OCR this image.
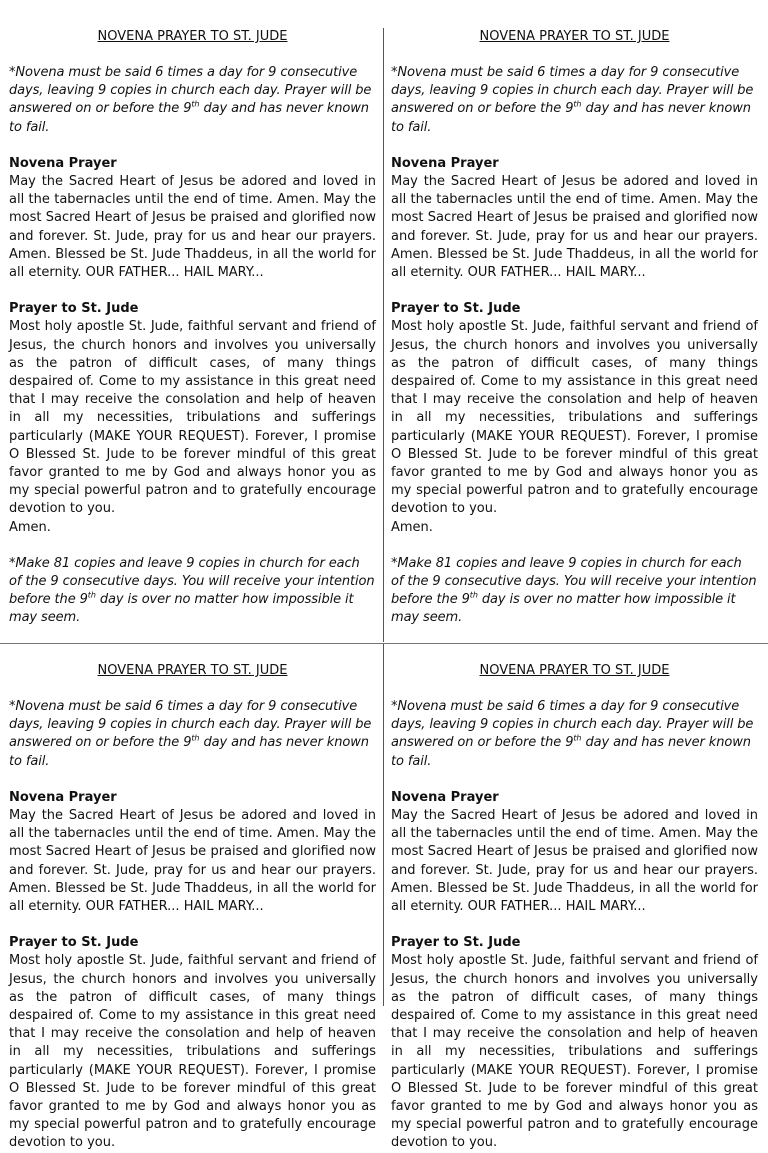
NOVENA PRAYER TO ST. JUDE

*Novena must be said 6 times a day for 9 consecutive days, leaving 9 copies in church each day. Prayer will be answered on or before the 9th day and has never known to fail.

Novena Prayer

May the Sacred Heart of Jesus be adored and loved in all the tabernacles until the end of time. Amen. May the most Sacred Heart of Jesus be praised and glorified now and forever. St. Jude, pray for us and hear our prayers. Amen. Blessed be St. Jude Thaddeus, in all the world for all eternity. OUR FATHER... HAIL MARY...

Prayer to St. Jude

Most holy apostle St. Jude, faithful servant and friend of Jesus, the church honors and involves you universally as the patron of difficult cases, of many things despaired of. Come to my assistance in this great need that I may receive the consolation and help of heaven in all my necessities, tribulations and sufferings particularly (MAKE YOUR REQUEST). Forever, I promise O Blessed St. Jude to be forever mindful of this great favor granted to me by God and always honor you as my special powerful patron and to gratefully encourage devotion to you.

Amen.

*Make 81 copies and leave 9 copies in church for each of the 9 consecutive days. You will receive your intention before the 9th day is over no matter how impossible it may seem.

NOVENA PRAYER TO ST. JUDE

*Novena must be said 6 times a day for 9 consecutive days, leaving 9 copies in church each day. Prayer will be answered on or before the 9th day and has never known to fail.

Novena Prayer

May the Sacred Heart of Jesus be adored and loved in all the tabernacles until the end of time. Amen. May the most Sacred Heart of Jesus be praised and glorified now and forever. St. Jude, pray for us and hear our prayers. Amen. Blessed be St. Jude Thaddeus, in all the world for all eternity. OUR FATHER... HAIL MARY...

Prayer to St. Jude

Most holy apostle St. Jude, faithful servant and friend of Jesus, the church honors and involves you universally as the patron of difficult cases, of many things despaired of. Come to my assistance in this great need that I may receive the consolation and help of heaven in all my necessities, tribulations and sufferings particularly (MAKE YOUR REQUEST). Forever, I promise O Blessed St. Jude to be forever mindful of this great favor granted to me by God and always honor you as my special powerful patron and to gratefully encourage devotion to you.

Amen.

*Make 81 copies and leave 9 copies in church for each of the 9 consecutive days. You will receive your intention before the 9th day is over no matter how impossible it may seem.

NOVENA PRAYER TO ST. JUDE

*Novena must be said 6 times a day for 9 consecutive days, leaving 9 copies in church each day. Prayer will be answered on or before the 9th day and has never known to fail.

Novena Prayer

May the Sacred Heart of Jesus be adored and loved in all the tabernacles until the end of time. Amen. May the most Sacred Heart of Jesus be praised and glorified now and forever. St. Jude, pray for us and hear our prayers. Amen. Blessed be St. Jude Thaddeus, in all the world for all eternity. OUR FATHER... HAIL MARY...

Prayer to St. Jude

Most holy apostle St. Jude, faithful servant and friend of Jesus, the church honors and involves you universally as the patron of difficult cases, of many things despaired of. Come to my assistance in this great need that I may receive the consolation and help of heaven in all my necessities, tribulations and sufferings particularly (MAKE YOUR REQUEST). Forever, I promise O Blessed St. Jude to be forever mindful of this great favor granted to me by God and always honor you as my special powerful patron and to gratefully encourage devotion to you.

NOVENA PRAYER TO ST. JUDE

*Novena must be said 6 times a day for 9 consecutive days, leaving 9 copies in church each day. Prayer will be answered on or before the 9th day and has never known to fail.

Novena Prayer

May the Sacred Heart of Jesus be adored and loved in all the tabernacles until the end of time. Amen. May the most Sacred Heart of Jesus be praised and glorified now and forever. St. Jude, pray for us and hear our prayers. Amen. Blessed be St. Jude Thaddeus, in all the world for all eternity. OUR FATHER... HAIL MARY...

Prayer to St. Jude

Most holy apostle St. Jude, faithful servant and friend of Jesus, the church honors and involves you universally as the patron of difficult cases, of many things despaired of. Come to my assistance in this great need that I may receive the consolation and help of heaven in all my necessities, tribulations and sufferings particularly (MAKE YOUR REQUEST). Forever, I promise O Blessed St. Jude to be forever mindful of this great favor granted to me by God and always honor you as my special powerful patron and to gratefully encourage devotion to you.
